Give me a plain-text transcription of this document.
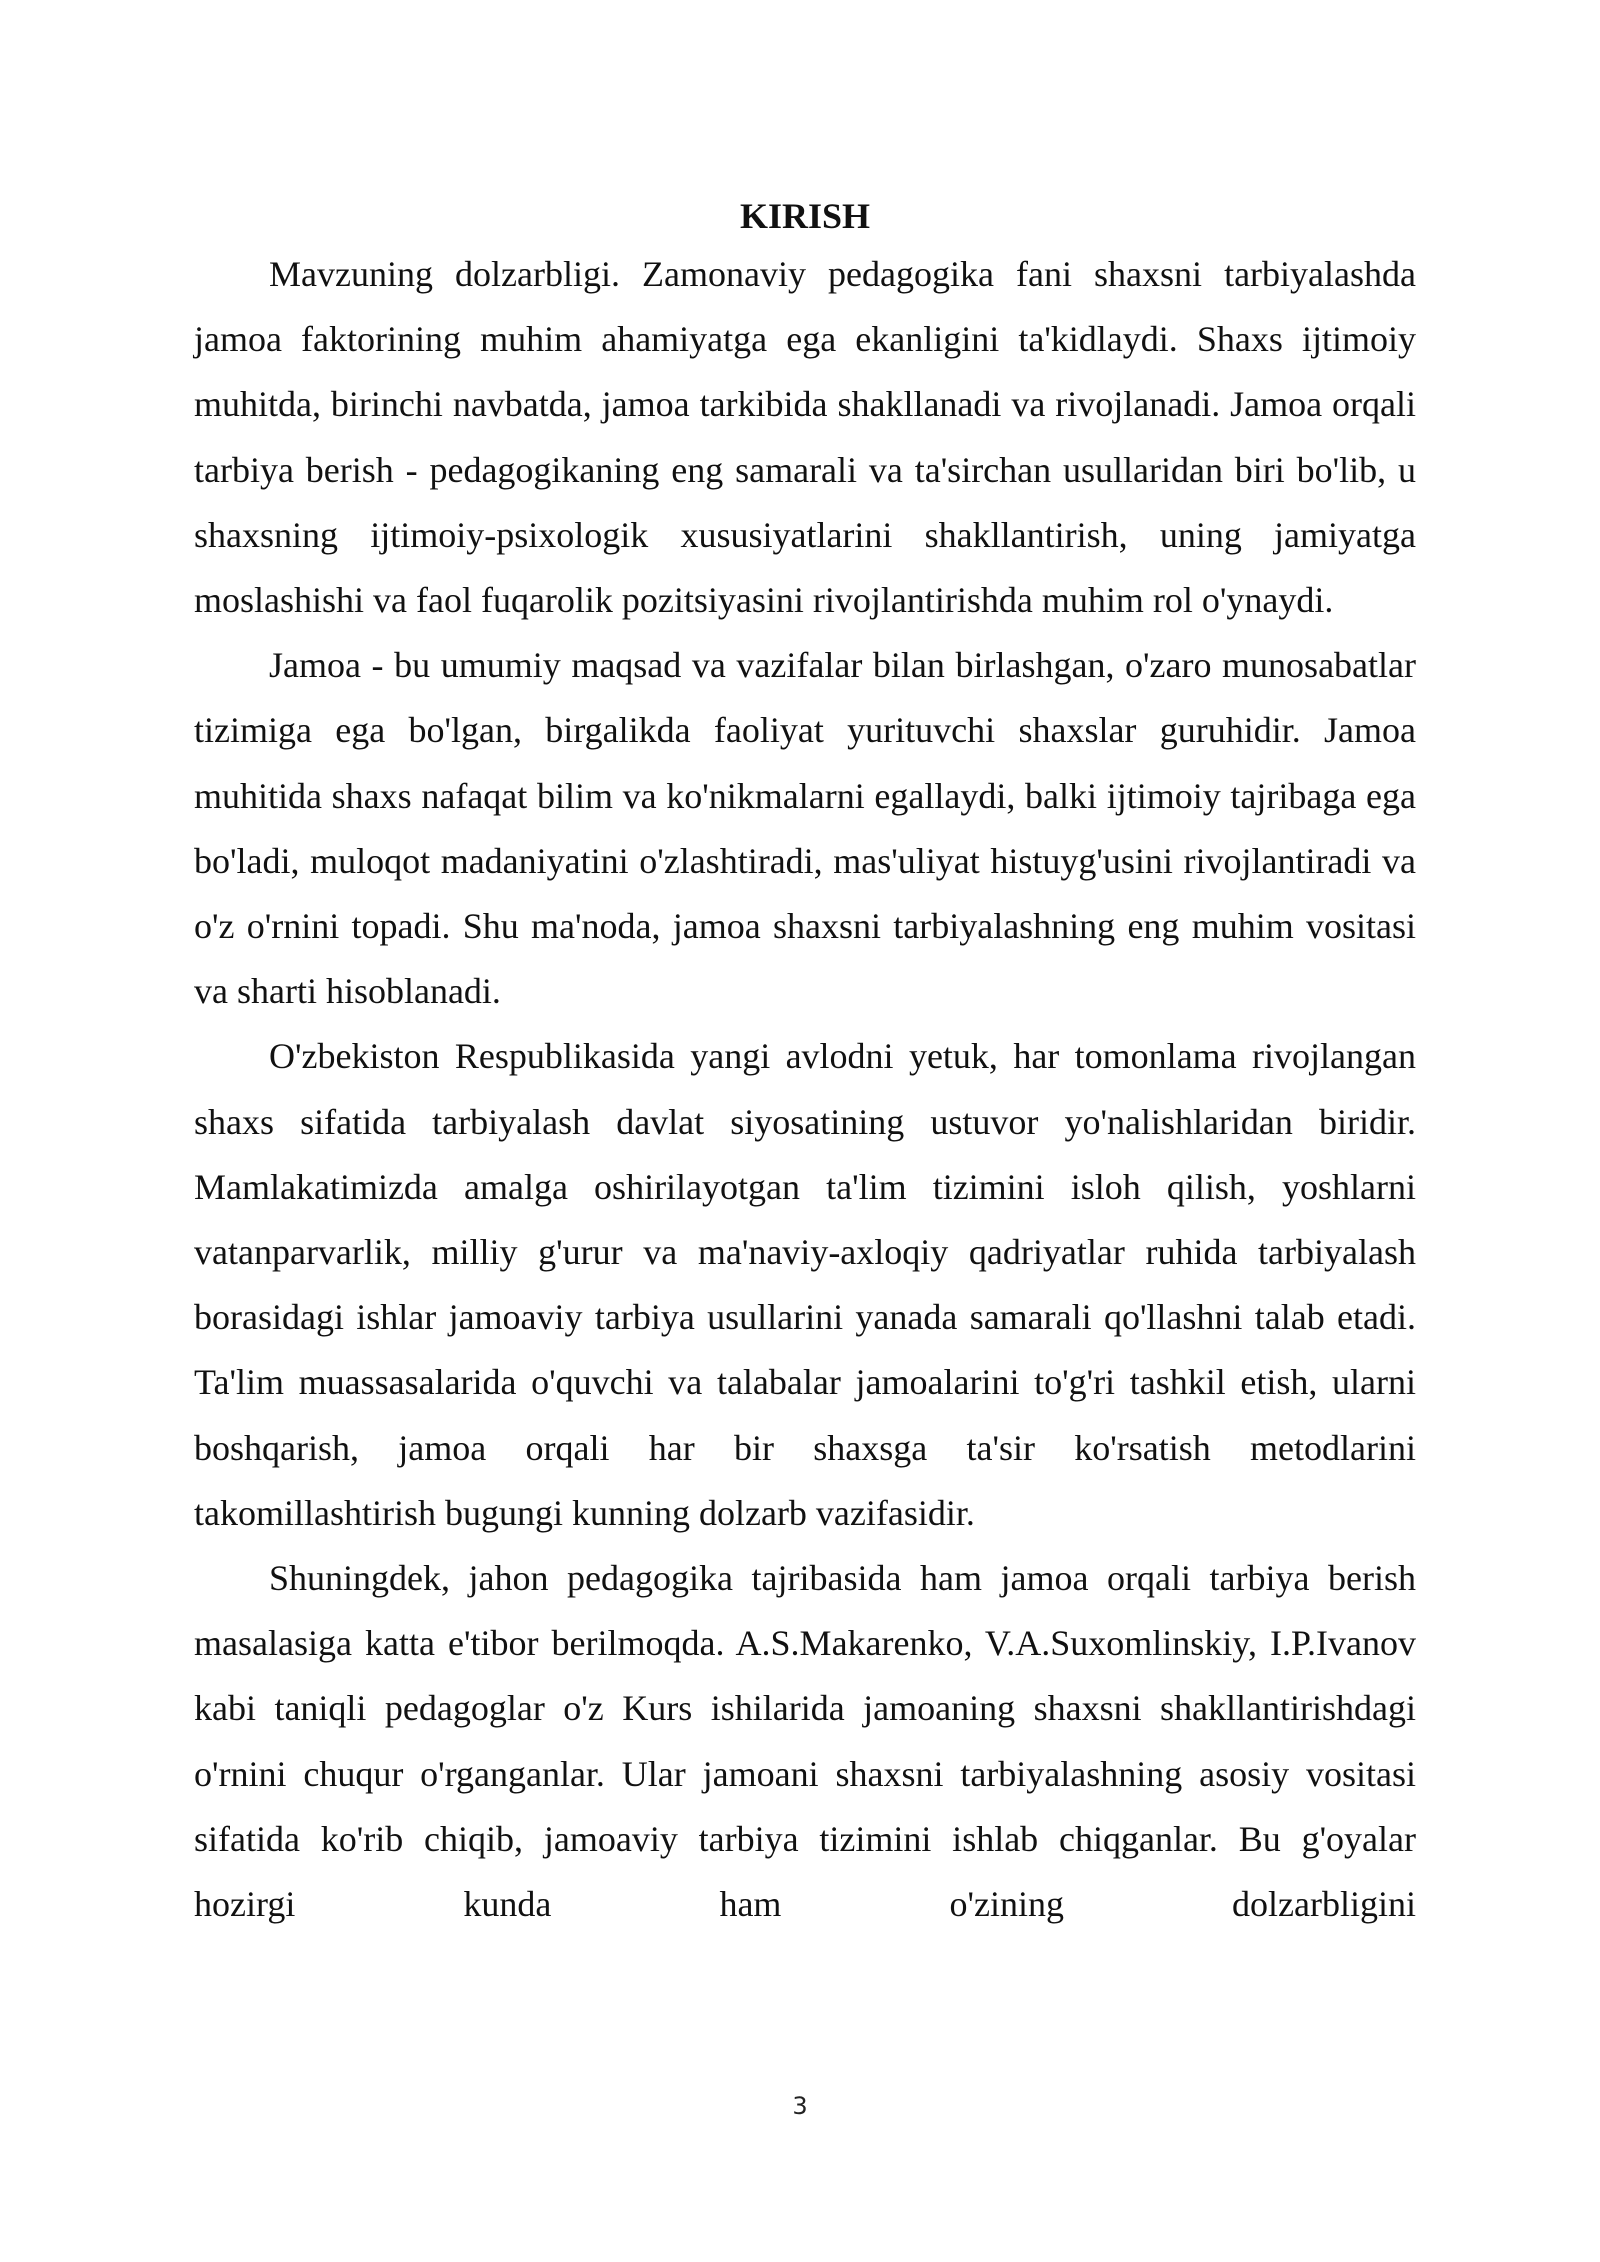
KIRISH

Mavzuning dolzarbligi. Zamonaviy pedagogika fani shaxsni tarbiyalashda jamoa faktorining muhim ahamiyatga ega ekanligini ta'kidlaydi. Shaxs ijtimoiy muhitda, birinchi navbatda, jamoa tarkibida shakllanadi va rivojlanadi. Jamoa orqali tarbiya berish - pedagogikaning eng samarali va ta'sirchan usullaridan biri bo'lib, u shaxsning ijtimoiy-psixologik xususiyatlarini shakllantirish, uning jamiyatga moslashishi va faol fuqarolik pozitsiyasini rivojlantirishda muhim rol o'ynaydi.

Jamoa - bu umumiy maqsad va vazifalar bilan birlashgan, o'zaro munosabatlar tizimiga ega bo'lgan, birgalikda faoliyat yurituvchi shaxslar guruhidir. Jamoa muhitida shaxs nafaqat bilim va ko'nikmalarni egallaydi, balki ijtimoiy tajribaga ega bo'ladi, muloqot madaniyatini o'zlashtiradi, mas'uliyat histuyg'usini rivojlantiradi va o'z o'rnini topadi. Shu ma'noda, jamoa shaxsni tarbiyalashning eng muhim vositasi va sharti hisoblanadi.

O'zbekiston Respublikasida yangi avlodni yetuk, har tomonlama rivojlangan shaxs sifatida tarbiyalash davlat siyosatining ustuvor yo'nalishlaridan biridir. Mamlakatimizda amalga oshirilayotgan ta'lim tizimini isloh qilish, yoshlarni vatanparvarlik, milliy g'urur va ma'naviy-axloqiy qadriyatlar ruhida tarbiyalash borasidagi ishlar jamoaviy tarbiya usullarini yanada samarali qo'llashni talab etadi. Ta'lim muassasalarida o'quvchi va talabalar jamoalarini to'g'ri tashkil etish, ularni boshqarish, jamoa orqali har bir shaxsga ta'sir ko'rsatish metodlarini takomillashtirish bugungi kunning dolzarb vazifasidir.

Shuningdek, jahon pedagogika tajribasida ham jamoa orqali tarbiya berish masalasiga katta e'tibor berilmoqda. A.S.Makarenko, V.A.Suxomlinskiy, I.P.Ivanov kabi taniqli pedagoglar o'z Kurs ishilarida jamoaning shaxsni shakllantirishdagi o'rnini chuqur o'rganganlar. Ular jamoani shaxsni tarbiyalashning asosiy vositasi sifatida ko'rib chiqib, jamoaviy tarbiya tizimini ishlab chiqganlar. Bu g'oyalar hozirgi kunda ham o'zining dolzarbligini

3
